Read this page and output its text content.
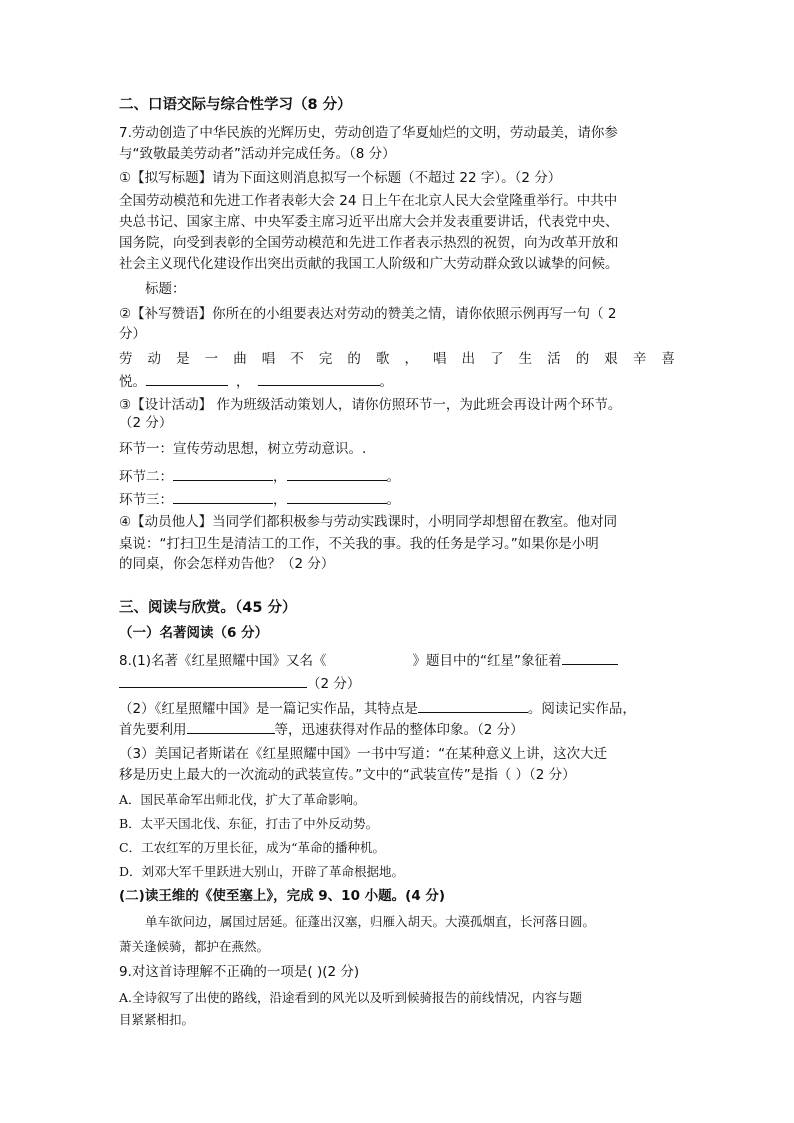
二、口语交际与综合性学习（8 分）
7.劳动创造了中华民族的光辉历史，劳动创造了华夏灿烂的文明，劳动最美，请你参
与“致敬最美劳动者”活动并完成任务。（8 分）
①【拟写标题】请为下面这则消息拟写一个标题（不超过 22 字）。（2 分）
全国劳动模范和先进工作者表彰大会 24 日上午在北京人民大会堂隆重举行。中共中
央总书记、国家主席、中央军委主席习近平出席大会并发表重要讲话，代表党中央、
国务院，向受到表彰的全国劳动模范和先进工作者表示热烈的祝贺，向为改革开放和
社会主义现代化建设作出突出贡献的我国工人阶级和广大劳动群众致以诚挚的问候。
标题：
②【补写赞语】你所在的小组要表达对劳动的赞美之情，请你依照示例再写一句（ 2
分）
劳 动 是 一 曲 唱 不 完 的 歌 ， 唱 出 了 生 活 的 艰 辛 喜
悦。	，	。
③【设计活动】 作为班级活动策划人，请你仿照环节一，为此班会再设计两个环节。
（2 分）
环节一：宣传劳动思想，树立劳动意识。.
环节二：	，	。
环节三：	，	。
④【动员他人】当同学们都积极参与劳动实践课时，小明同学却想留在教室。他对同
桌说：“打扫卫生是清洁工的工作，不关我的事。我的任务是学习。”如果你是小明
的同桌，你会怎样劝告他？（2 分）
三、阅读与欣赏。（45 分）
（一）名著阅读（6 分）
8.(1)名著《红星照耀中国》又名《	》题目中的“红星”象征着
（2 分）
（2）《红星照耀中国》是一篇记实作品，其特点是	。阅读记实作品，
首先要利用	等，迅速获得对作品的整体印象。（2 分）
（3）美国记者斯诺在《红星照耀中国》一书中写道：“在某种意义上讲，这次大迁
移是历史上最大的一次流动的武装宣传。”文中的“武装宣传”是指（ ）（2 分）
A．国民革命军出师北伐，扩大了革命影响。
B．太平天国北伐、东征，打击了中外反动势。
C．工农红军的万里长征，成为“革命的播种机。
D．刘邓大军千里跃进大别山，开辟了革命根据地。
(二)读王维的《使至塞上》，完成 9、10 小题。(4 分)
单车欲问边，属国过居延。征蓬出汉塞，归雁入胡天。大漠孤烟直，长河落日圆。
萧关逢候骑，都护在燕然。
9.对这首诗理解不正确的一项是( )(2 分)
A.全诗叙写了出使的路线，沿途看到的风光以及听到候骑报告的前线情况，内容与题
目紧紧相扣。
